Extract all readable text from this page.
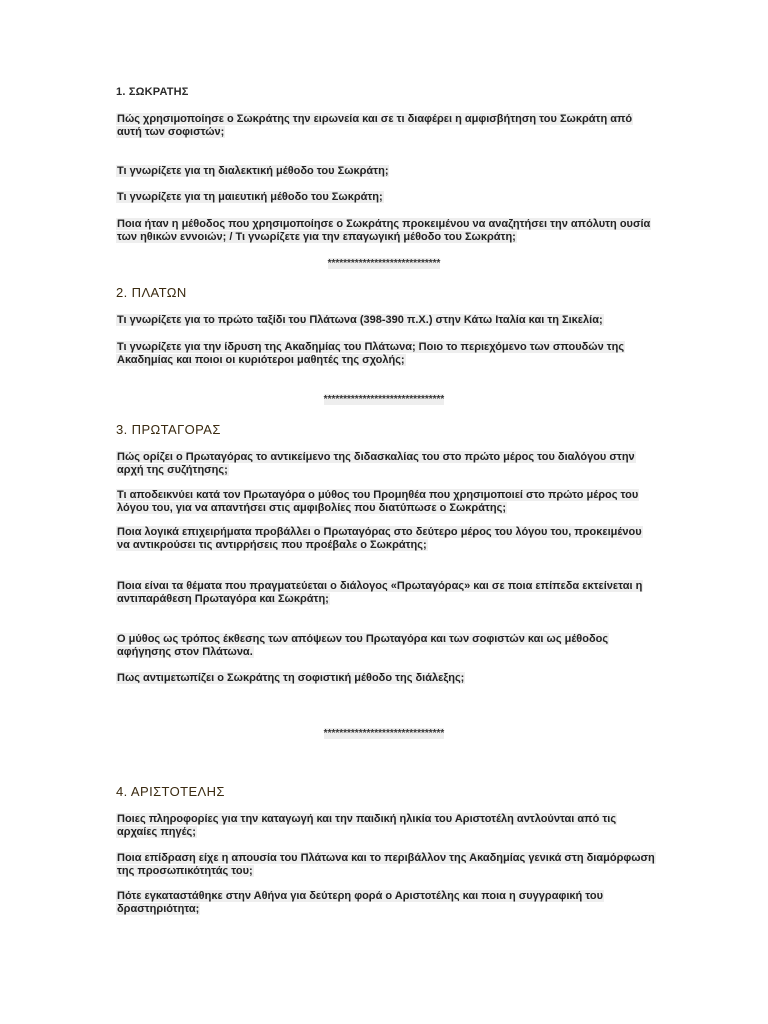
1. ΣΩΚΡΑΤΗΣ
Πώς χρησιμοποίησε ο Σωκράτης την ειρωνεία και σε τι διαφέρει η αμφισβήτηση του Σωκράτη από αυτή των σοφιστών;
Τι γνωρίζετε για τη διαλεκτική μέθοδο του Σωκράτη;
Τι γνωρίζετε για τη μαιευτική μέθοδο του Σωκράτη;
Ποια ήταν η μέθοδος που χρησιμοποίησε ο Σωκράτης προκειμένου να αναζητήσει την απόλυτη ουσία των ηθικών εννοιών; / Τι γνωρίζετε για την επαγωγική μέθοδο του Σωκράτη;
*****************************
2. ΠΛΑΤΩΝ
Τι γνωρίζετε για το πρώτο ταξίδι του Πλάτωνα (398-390 π.Χ.) στην Κάτω Ιταλία και τη Σικελία;
Τι γνωρίζετε για την ίδρυση της Ακαδημίας του Πλάτωνα; Ποιο το περιεχόμενο των σπουδών της Ακαδημίας και ποιοι οι κυριότεροι μαθητές της σχολής;
*******************************
3. ΠΡΩΤΑΓΟΡΑΣ
Πώς ορίζει ο Πρωταγόρας το αντικείμενο της διδασκαλίας του στο πρώτο μέρος του διαλόγου στην αρχή της συζήτησης;
Τι αποδεικνύει κατά τον Πρωταγόρα ο μύθος του Προμηθέα που χρησιμοποιεί στο πρώτο μέρος του λόγου του, για να απαντήσει στις αμφιβολίες που διατύπωσε ο Σωκράτης;
Ποια λογικά επιχειρήματα προβάλλει ο Πρωταγόρας στο δεύτερο μέρος του λόγου του, προκειμένου να αντικρούσει τις αντιρρήσεις που προέβαλε ο Σωκράτης;
Ποια είναι τα θέματα που πραγματεύεται ο διάλογος «Πρωταγόρας» και σε ποια επίπεδα εκτείνεται η αντιπαράθεση Πρωταγόρα και Σωκράτη;
Ο μύθος ως τρόπος έκθεσης των απόψεων του Πρωταγόρα και των σοφιστών και ως μέθοδος αφήγησης στον Πλάτωνα.
Πως αντιμετωπίζει ο Σωκράτης τη σοφιστική μέθοδο της διάλεξης;
*******************************
4. ΑΡΙΣΤΟΤΕΛΗΣ
Ποιες πληροφορίες για την καταγωγή και την παιδική ηλικία του Αριστοτέλη αντλούνται από τις αρχαίες πηγές;
Ποια επίδραση είχε η απουσία του Πλάτωνα και το περιβάλλον της Ακαδημίας γενικά στη διαμόρφωση της προσωπικότητάς του;
Πότε εγκαταστάθηκε στην Αθήνα για δεύτερη φορά ο Αριστοτέλης και ποια η συγγραφική του δραστηριότητα;
